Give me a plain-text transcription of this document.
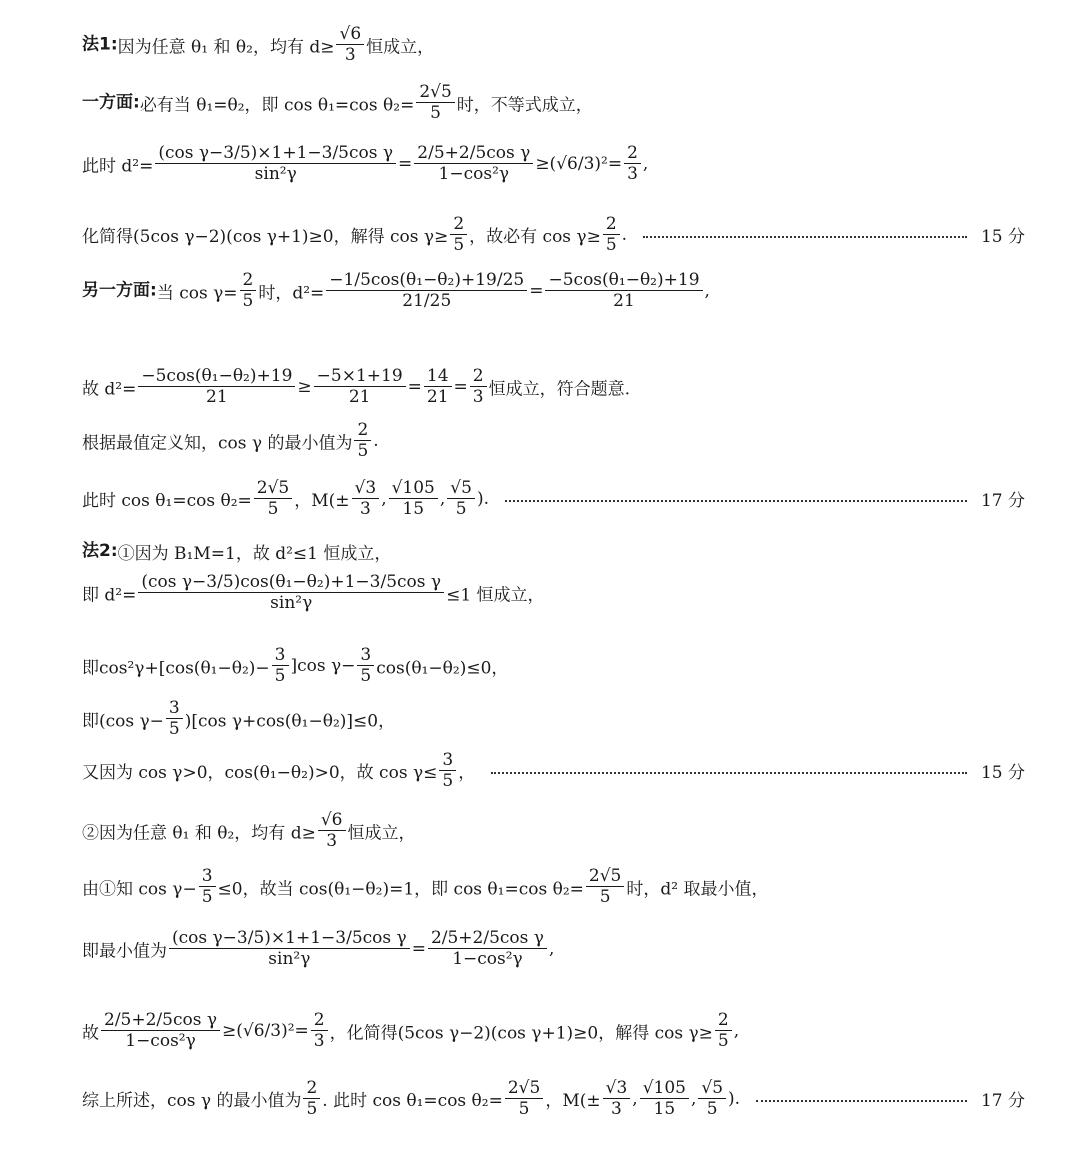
法1:因为任意 θ₁ 和 θ₂，均有 $d\ge \frac{√6}{3}$ 恒成立，
一方面:必有当 θ₁=θ₂，即 cos θ₁=cos $\theta_2= \frac{2√5}{5}$ 时，不等式成立，
此时 $d^2= \frac{\text{(cos γ−3/5)×1+1−3/5cos γ}}{\text{sin²γ}} = \frac{\text{2/5+2/5cos γ}}{\text{1−cos²γ}} \ge(√6/3)^2= \frac{2}{3}$ ,
化简得(5cos γ−2)(cos γ+1)≥0，解得 $\cos \gamma\ge \frac{2}{5}$ ，故必有 $\cos \gamma\ge \frac{2}{5}$ .	15 分
另一方面:当 $\cos \gamma= \frac{2}{5}$ 时，$d^2= \frac{\text{−1/5cos(θ₁−θ₂)+19/25}}{21/25} = \frac{\text{−5cos(θ₁−θ₂)+19}}{21}$ ,
故 $d^2= \frac{\text{−5cos(θ₁−θ₂)+19}}{21} \ge \frac{-5\times 1+19}{21} = \frac{14}{21} = \frac{2}{3}$ 恒成立，符合题意.
根据最值定义知，cos γ 的最小值为 $\frac{2}{5}$ .
此时 cos θ₁=cos $\theta_2= \frac{2√5}{5}$ ，$M(\pm \frac{√3}{3}$ , $\frac{√105}{15}$ , $\frac{√5}{5}$ ).	17 分
法2:①因为 B₁M=1，故 d²≤1 恒成立，
即 $d^2= \frac{\text{(cos γ−3/5)cos(θ₁−θ₂)+1−3/5cos γ}}{\text{sin²γ}} \le 1$ 恒成立，
即$\cos^2\gamma+[\cos(\theta_1-\theta_2)- \frac{3}{5} ]\cos$ $\gamma- \frac{3}{5} \cos(\theta_1-\theta_2)\le 0$，
即(cos $\gamma- \frac{3}{5} )[\cos$ γ+cos(θ₁−θ₂)]≤0，
又因为 cos γ>0，cos(θ₁−θ₂)>0，故 $\cos \gamma\le \frac{3}{5}$ ，	15 分
②因为任意 θ₁ 和 θ₂，均有 $d\ge \frac{√6}{3}$ 恒成立，
由①知 $\cos \gamma- \frac{3}{5} \le 0$，故当 cos(θ₁−θ₂)=1，即 cos θ₁=cos $\theta_2= \frac{2√5}{5}$ 时，d² 取最小值，
即最小值为 $\frac{\text{(cos γ−3/5)×1+1−3/5cos γ}}{\text{sin²γ}} = \frac{\text{2/5+2/5cos γ}}{\text{1−cos²γ}}$ ,
故 $\frac{\text{2/5+2/5cos γ}}{\text{1−cos²γ}} \ge(√6/3)^2= \frac{2}{3}$ ，化简得(5cos γ−2)(cos γ+1)≥0，解得 $\cos \gamma\ge \frac{2}{5}$ ,
综上所述，cos γ 的最小值为 $\frac{2}{5}$ . 此时 cos θ₁=cos $\theta_2= \frac{2√5}{5}$ ，$M(\pm \frac{√3}{3}$ , $\frac{√105}{15}$ , $\frac{√5}{5}$ ).	17 分
